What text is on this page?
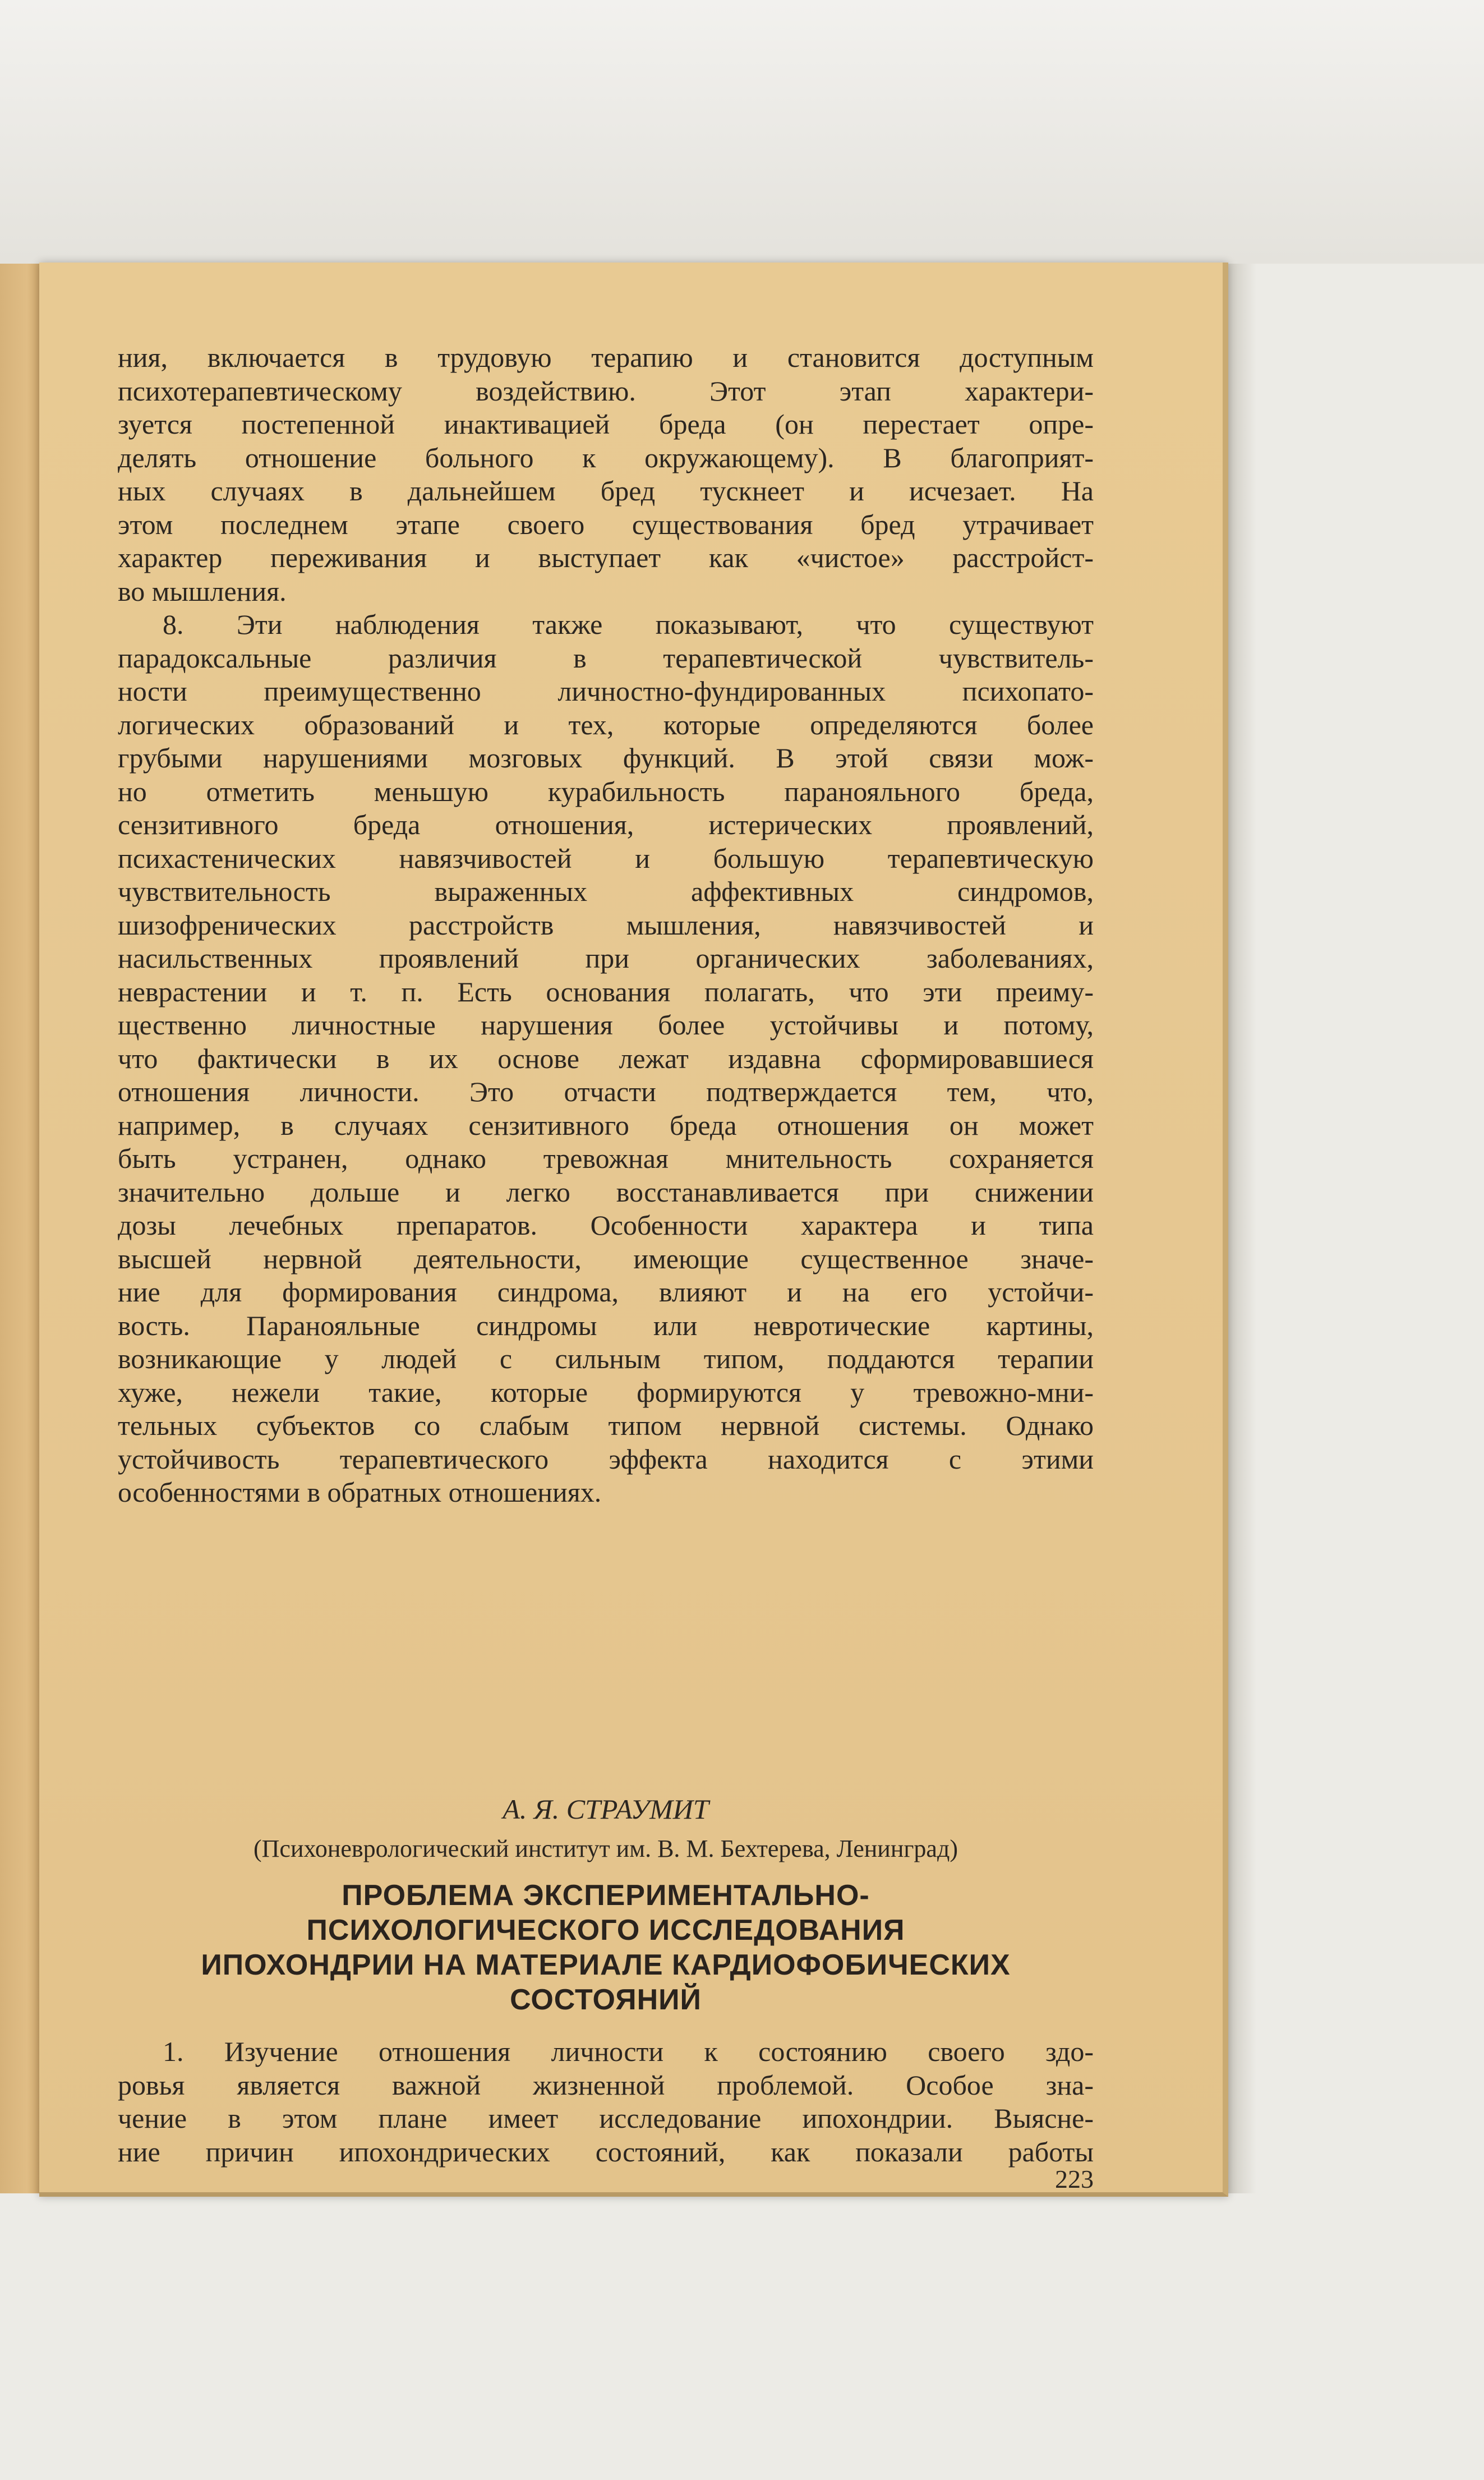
ния, включается в трудовую терапию и становится доступным
психотерапевтическому воздействию. Этот этап характери-
зуется постепенной инактивацией бреда (он перестает опре-
делять отношение больного к окружающему). В благоприят-
ных случаях в дальнейшем бред тускнеет и исчезает. На
этом последнем этапе своего существования бред утрачивает
характер переживания и выступает как «чистое» расстройст-
во мышления.
8. Эти наблюдения также показывают, что существуют
парадоксальные различия в терапевтической чувствитель-
ности преимущественно личностно-фундированных психопато-
логических образований и тех, которые определяются более
грубыми нарушениями мозговых функций. В этой связи мож-
но отметить меньшую курабильность паранояльного бреда,
сензитивного бреда отношения, истерических проявлений,
психастенических навязчивостей и большую терапевтическую
чувствительность выраженных аффективных синдромов,
шизофренических расстройств мышления, навязчивостей и
насильственных проявлений при органических заболеваниях,
неврастении и т. п. Есть основания полагать, что эти преиму-
щественно личностные нарушения более устойчивы и потому,
что фактически в их основе лежат издавна сформировавшиеся
отношения личности. Это отчасти подтверждается тем, что,
например, в случаях сензитивного бреда отношения он может
быть устранен, однако тревожная мнительность сохраняется
значительно дольше и легко восстанавливается при снижении
дозы лечебных препаратов. Особенности характера и типа
высшей нервной деятельности, имеющие существенное значе-
ние для формирования синдрома, влияют и на его устойчи-
вость. Паранояльные синдромы или невротические картины,
возникающие у людей с сильным типом, поддаются терапии
хуже, нежели такие, которые формируются у тревожно-мни-
тельных субъектов со слабым типом нервной системы. Однако
устойчивость терапевтического эффекта находится с этими
особенностями в обратных отношениях.
А. Я. СТРАУМИТ
(Психоневрологический институт им. В. М. Бехтерева, Ленинград)
ПРОБЛЕМА ЭКСПЕРИМЕНТАЛЬНО-
ПСИХОЛОГИЧЕСКОГО ИССЛЕДОВАНИЯ
ИПОХОНДРИИ НА МАТЕРИАЛЕ КАРДИОФОБИЧЕСКИХ
СОСТОЯНИЙ
1. Изучение отношения личности к состоянию своего здо-
ровья является важной жизненной проблемой. Особое зна-
чение в этом плане имеет исследование ипохондрии. Выясне-
ние причин ипохондрических состояний, как показали работы
223
